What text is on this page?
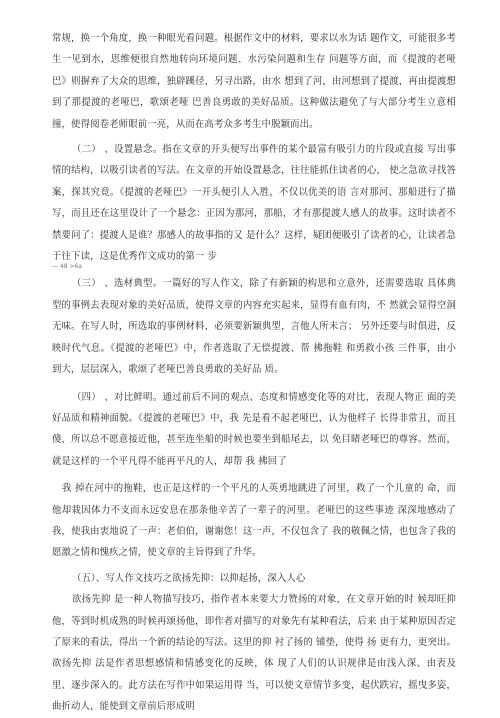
常规，换一个角度，换一种眼光看问题。根据作文中的材料，要求以水为话 题作文，可能很多考生一见到水，思维便很自然地转向环境问题、水污染问题和生存 问题等方面，而《提渡的老哑巴》则摒弃了大众的思维，独辟蹊径，另寻出路，由水 想到了河，由河想到了提渡，再由提渡想到了那提渡的老哑巴，歌颂老哑 巴善良勇敢的美好品质。这种做法避免了与大部分考生立意相撞，使得阅卷老师眼前一亮，从而在高考众多考生中脱颖而出。

（二） 、设置悬念。指在文章的开头便写出事件的某个最富有吸引力的片段或直接 写出事情的结构，以吸引读者的写法。在文章的开始设置悬念，往往能抓住读者的心， 使之急欲寻找答案，探其究竟。《提渡的老哑巴》一开头便引人入胜，不仅以优美的语 言对那河、那船进行了描写，而且还在这里设计了一个悬念：正因为那河，那船，才有那提渡人感人的故事。这时读者不禁要问了：提渡人是谁？那感人的故事指的又 是什么？这样，疑团便吸引了读者的心，让读者急于往下读，这是优秀作文成功的第一 步

— 48 >6a

（三） 、选材典型。一篇好的写人作文，除了有新颖的构思和立意外，还需要选取 具体典型的事例去表现对象的美好品质，使得文章的内容充实起来，显得有血有肉，不 然就会显得空洞无味。在写人时，所选取的事例材料，必须要新颖典型，言他人所未言； 另外还要与时俱进，反映时代气息。《提渡的老哑巴》中，作者选取了无偿提渡、帮 拂拖鞋 和勇救小孩 三件事，由小到大，层层深入，歌颂了老哑巴善良勇敢的美好品 质。

（四） 、对比鲜明。通过前后不同的观点、态度和情感变化等的对比，表现人物正 面的美好品质和精神面貌。《提渡的老哑巴》中，我 先是看不起老哑巴，认为他样子 长得非常丑，而且 傻，所以总不愿意接近他，甚至连坐船的时候也要坐到船尾去，以 免目睹老哑巴的尊容。然而，就是这样的一个平凡得不能再平凡的人，却帮 我 拂回了

我 掉在河中的拖鞋，也正是这样的一个平凡的人英勇地跳进了河里，救了一个儿童的 命，而他却栽因体力不支而永远安息在那条他辛苦了一辈子的河里。老哑巴的这些事迹 深深地感动了我，使我由衷地说了一声：老伯伯，谢谢您！这一声，不仅包含了 我的敬佩之情，也包含了我的愿激之情和愧疚之情，使文章的主旨得到了升华。

（五）、写人作文技巧之欲扬先抑：以抑起扬，深入人心

欲扬先抑 是一种人物描写技巧，指作者本来要大力赞扬的对象，在文章开始的时 候却旺抑他，等到时机成熟的时候再颂扬他，即作者对描写的对象先有某种看法，后来 由于某种原因否定了原来的看法，得出一个新的结论的写法。这里的抑 衬了扬的 铺垫，使得 扬 更有力，更突出。欲扬先抑 法是作者思想感情和情感变化的反映，体 现了人们的认识规律是由浅入深、由表及里、逐步深入的。此方法在写作中如果运用得 当，可以使文章情节多变，起伏跌宕，摇曳多姿，曲折动人，能使到文章前后形成明
